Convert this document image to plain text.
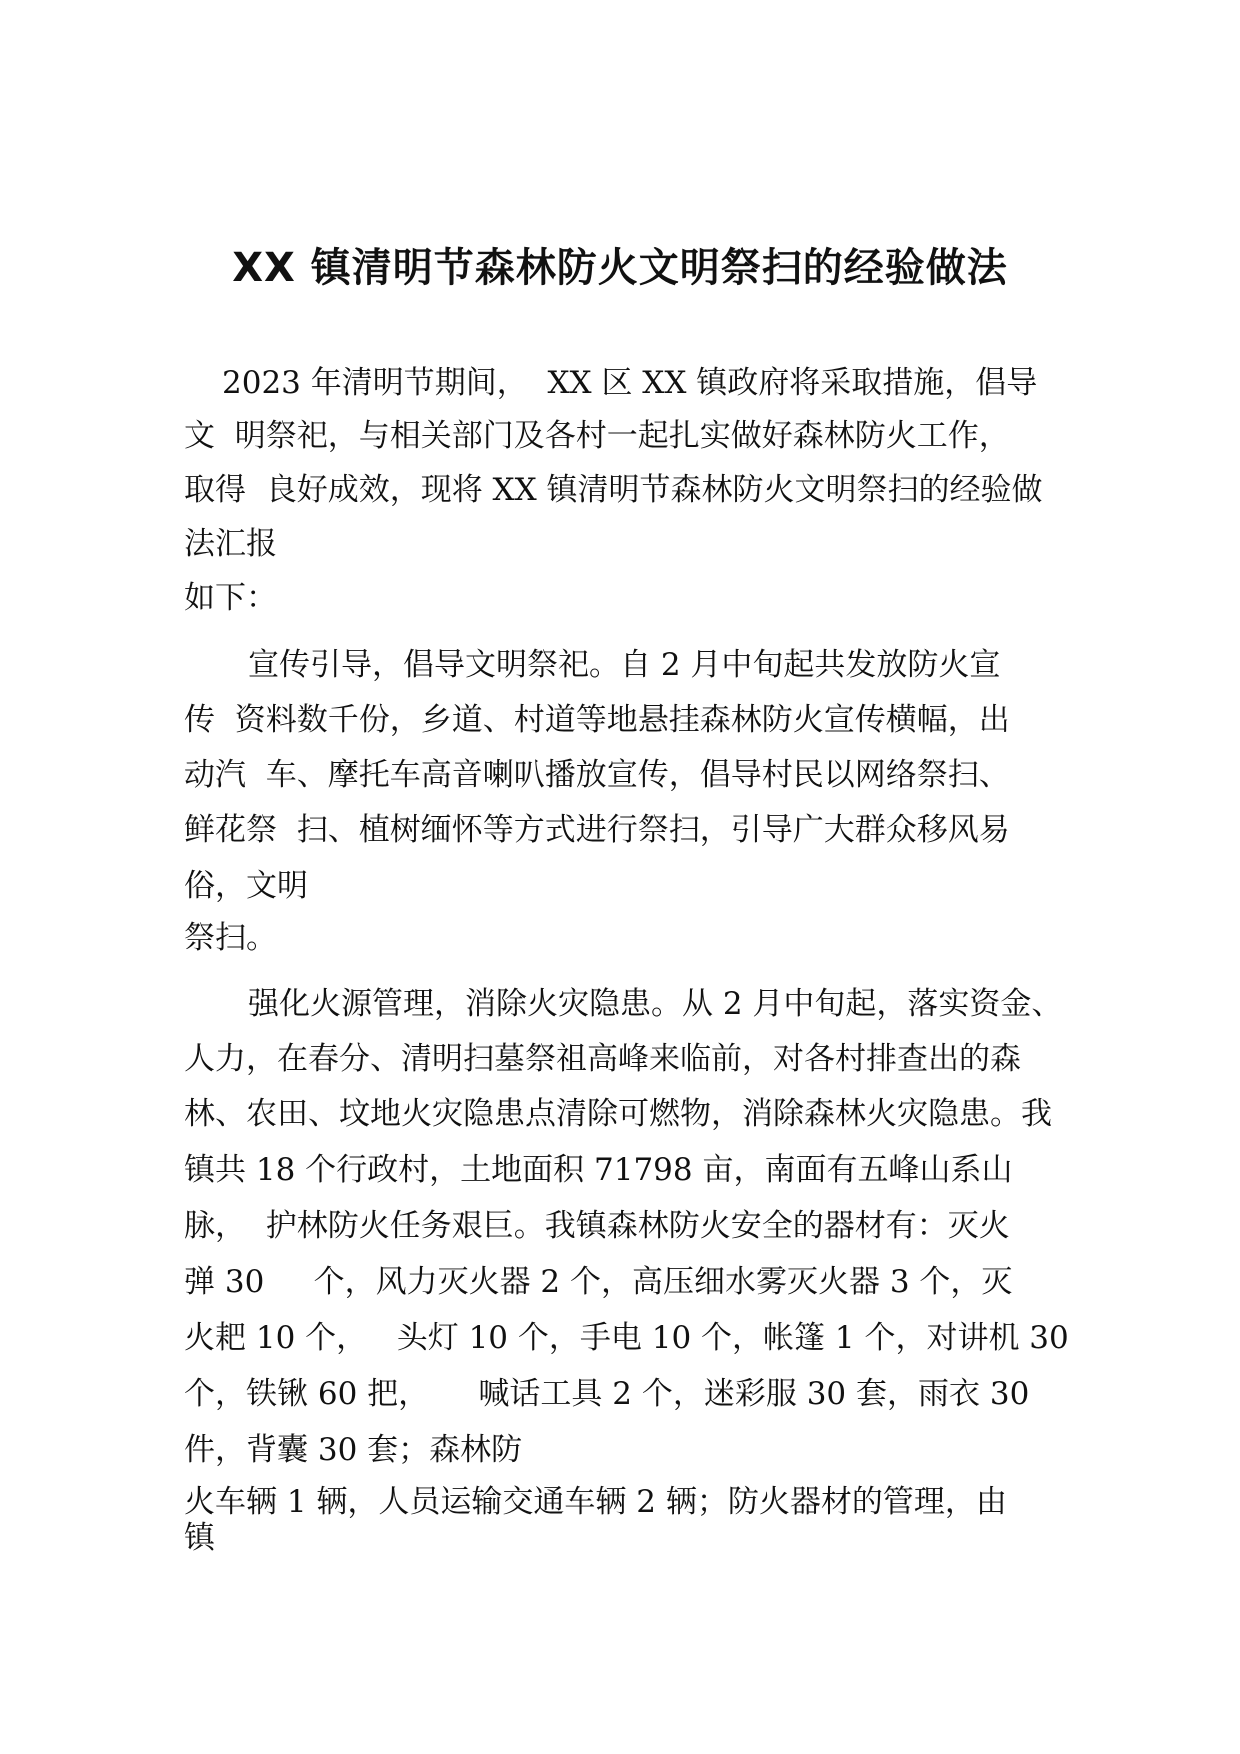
XX 镇清明节森林防火文明祭扫的经验做法

2023 年清明节期间，  XX 区 XX 镇政府将采取措施，倡导

文  明祭祀，与相关部门及各村一起扎实做好森林防火工作，

取得  良好成效，现将 XX 镇清明节森林防火文明祭扫的经验做

法汇报

如下：

宣传引导，倡导文明祭祀。自 2 月中旬起共发放防火宣

传  资料数千份，乡道、村道等地悬挂森林防火宣传横幅，出

动汽  车、摩托车高音喇叭播放宣传，倡导村民以网络祭扫、

鲜花祭  扫、植树缅怀等方式进行祭扫，引导广大群众移风易

俗，文明

祭扫。

强化火源管理，消除火灾隐患。从 2 月中旬起，落实资金、

人力，在春分、清明扫墓祭祖高峰来临前，对各村排查出的森

林、农田、坟地火灾隐患点清除可燃物，消除森林火灾隐患。我

镇共 18 个行政村，土地面积 71798 亩，南面有五峰山系山

脉，  护林防火任务艰巨。我镇森林防火安全的器材有：灭火

弹 30     个，风力灭火器 2 个，高压细水雾灭火器 3 个，灭

火耙 10 个，   头灯 10 个，手电 10 个，帐篷 1 个，对讲机 30

个，铁锹 60 把，     喊话工具 2 个，迷彩服 30 套，雨衣 30

件，背囊 30 套；森林防

火车辆 1 辆，人员运输交通车辆 2 辆；防火器材的管理，由

镇
